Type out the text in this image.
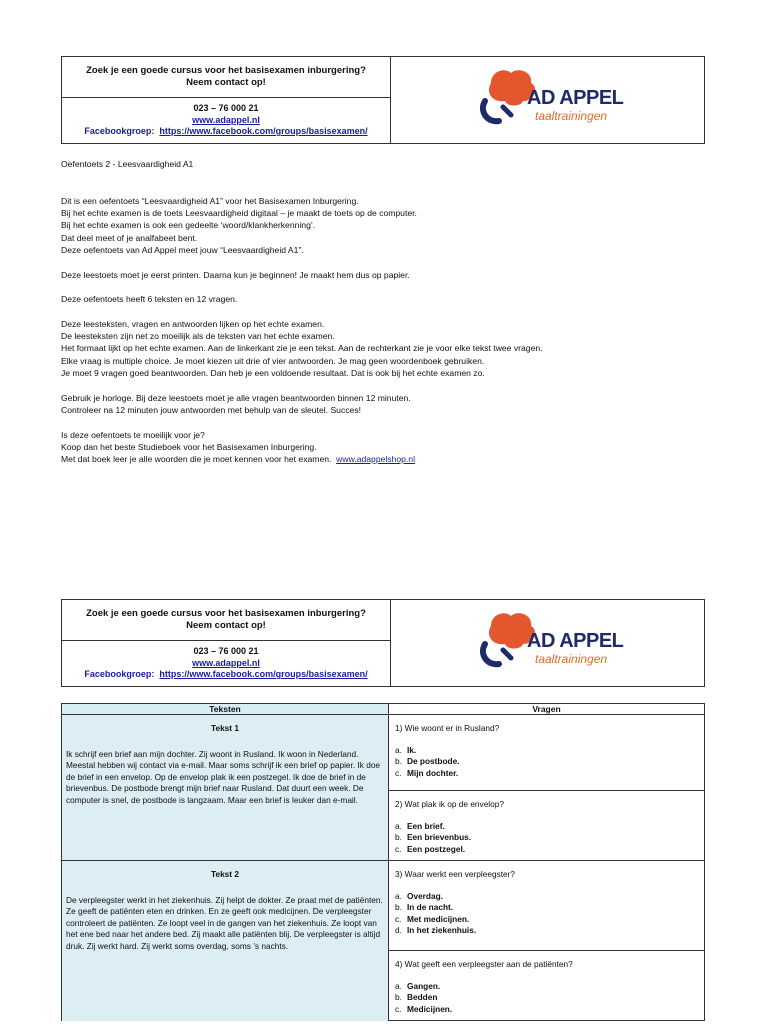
Zoek je een goede cursus voor het basisexamen inburgering?
Neem contact op!
023 – 76 000 21
www.adappel.nl
Facebookgroep: https://www.facebook.com/groups/basisexamen/
AD APPEL
taaltrainingen

Oefentoets 2 - Leesvaardigheid A1

Dit is een oefentoets “Leesvaardigheid A1” voor het Basisexamen Inburgering.

Bij het echte examen is de toets Leesvaardigheid digitaal – je maakt de toets op de computer.

Bij het echte examen is ook een gedeelte ‘woord/klankherkenning’.

Dat deel meet of je analfabeet bent.

Deze oefentoets van Ad Appel meet jouw “Leesvaardigheid A1”.

Deze leestoets moet je eerst printen. Daarna kun je beginnen! Je maakt hem dus op papier.

Deze oefentoets heeft 6 teksten en 12 vragen.

Deze leesteksten, vragen en antwoorden lijken op het echte examen.

De leesteksten zijn net zo moeilijk als de teksten van het echte examen.

Het formaat lijkt op het echte examen. Aan de linkerkant zie je een tekst. Aan de rechterkant zie je voor elke tekst twee vragen.

Elke vraag is multiple choice. Je moet kiezen uit drie of vier antwoorden. Je mag geen woordenboek gebruiken.

Je moet 9 vragen goed beantwoorden. Dan heb je een voldoende resultaat. Dat is ook bij het echte examen zo.

Gebruik je horloge. Bij deze leestoets moet je alle vragen beantwoorden binnen 12 minuten.

Controleer na 12 minuten jouw antwoorden met behulp van de sleutel. Succes!

Is deze oefentoets te moeilijk voor je?

Koop dan het beste Studieboek voor het Basisexamen Inburgering.

Met dat boek leer je alle woorden die je moet kennen voor het examen. www.adappelshop.nl

Zoek je een goede cursus voor het basisexamen inburgering?
Neem contact op!
023 – 76 000 21
www.adappel.nl
Facebookgroep: https://www.facebook.com/groups/basisexamen/
AD APPEL
taaltrainingen
Teksten	Vragen
Tekst 1
Ik schrijf een brief aan mijn dochter. Zij woont in Rusland. Ik woon in Nederland. Meestal hebben wij contact via e-mail. Maar soms schrijf ik een brief op papier. Ik doe de brief in een envelop. Op de envelop plak ik een postzegel. Ik doe de brief in de brievenbus. De postbode brengt mijn brief naar Rusland. Dat duurt een week. De computer is snel, de postbode is langzaam. Maar een brief is leuker dan e-mail.
Tekst 2
De verpleegster werkt in het ziekenhuis. Zij helpt de dokter. Ze praat met de patiënten. Ze geeft de patiënten eten en drinken. En ze geeft ook medicijnen. De verpleegster controleert de patiënten. Ze loopt veel in de gangen van het ziekenhuis. Ze loopt van het ene bed naar het andere bed. Zij maakt alle patiënten blij. De verpleegster is altijd druk. Zij werkt hard. Zij werkt soms overdag, soms ’s nachts.
1) Wie woont er in Rusland?
a. Ik.
b. De postbode.
c. Mijn dochter.
2) Wat plak ik op de envelop?
a. Een brief.
b. Een brievenbus.
c. Een postzegel.
3) Waar werkt een verpleegster?
a. Overdag.
b. In de nacht.
c. Met medicijnen.
d. In het ziekenhuis.
4) Wat geeft een verpleegster aan de patiënten?
a. Gangen.
b. Bedden
c. Medicijnen.
